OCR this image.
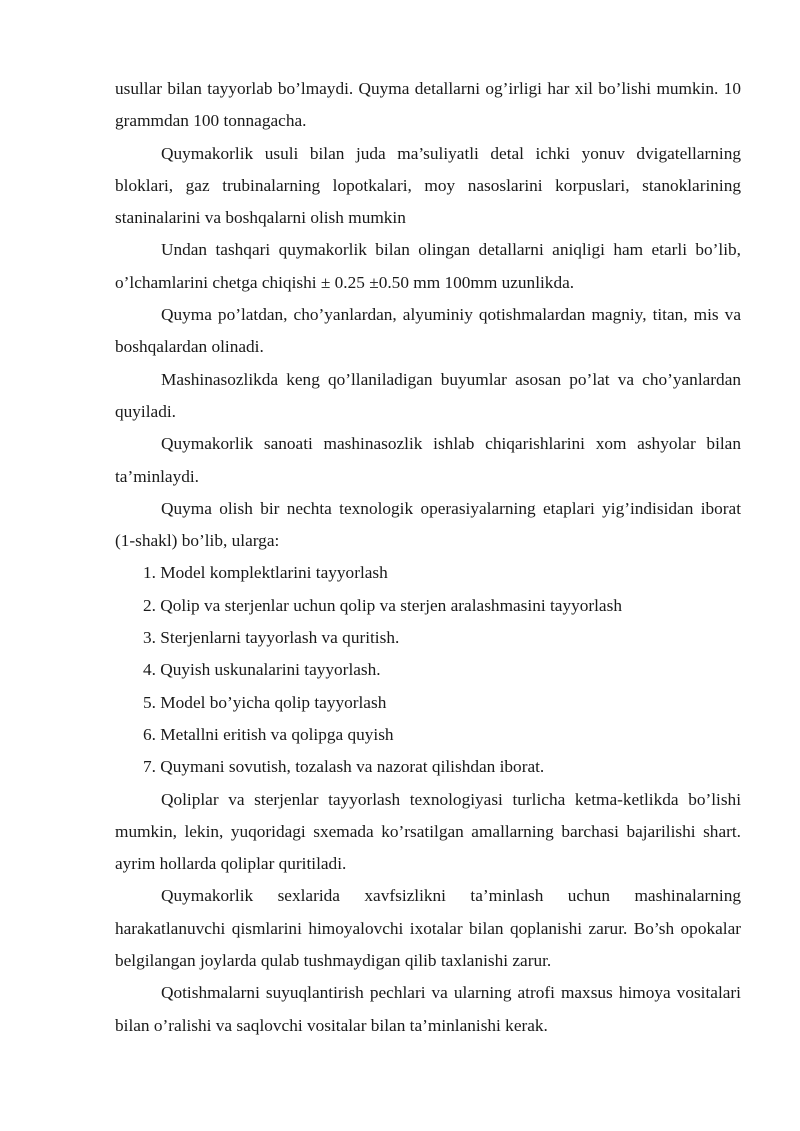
usullar bilan tayyorlab bo’lmaydi. Quyma detallarni og’irligi har xil bo’lishi mumkin. 10 grammdan 100 tonnagacha.

Quymakorlik usuli bilan juda ma’suliyatli detal ichki yonuv dvigatellarning bloklari, gaz trubinalarning lopotkalari, moy nasoslarini korpuslari, stanoklarining staninalarini va boshqalarni olish mumkin

Undan tashqari quymakorlik bilan olingan detallarni aniqligi ham etarli bo’lib, o’lchamlarini chetga chiqishi ± 0.25 ±0.50 mm 100mm uzunlikda.

Quyma po’latdan, cho’yanlardan, alyuminiy qotishmalardan magniy, titan, mis va boshqalardan olinadi.

Mashinasozlikda keng qo’llaniladigan buyumlar asosan po’lat va cho’yanlardan quyiladi.

Quymakorlik sanoati mashinasozlik ishlab chiqarishlarini xom ashyolar bilan ta’minlaydi.

Quyma olish bir nechta texnologik operasiyalarning etaplari yig’indisidan iborat (1-shakl) bo’lib, ularga:

1. Model komplektlarini tayyorlash
2. Qolip va sterjenlar uchun qolip va sterjen aralashmasini tayyorlash
3. Sterjenlarni tayyorlash va quritish.
4. Quyish uskunalarini tayyorlash.
5. Model bo’yicha qolip tayyorlash
6. Metallni eritish va qolipga quyish
7. Quymani sovutish, tozalash va nazorat qilishdan iborat.

Qoliplar va sterjenlar tayyorlash texnologiyasi turlicha ketma-ketlikda bo’lishi mumkin, lekin, yuqoridagi sxemada ko’rsatilgan amallarning barchasi bajarilishi shart. ayrim hollarda qoliplar quritiladi.

Quymakorlik sexlarida xavfsizlikni ta’minlash uchun mashinalarning harakatlanuvchi qismlarini himoyalovchi ixotalar bilan qoplanishi zarur. Bo’sh opokalar belgilangan joylarda qulab tushmaydigan qilib taxlanishi zarur.

Qotishmalarni suyuqlantirish pechlari va ularning atrofi maxsus himoya vositalari bilan o’ralishi va saqlovchi vositalar bilan ta’minlanishi kerak.
